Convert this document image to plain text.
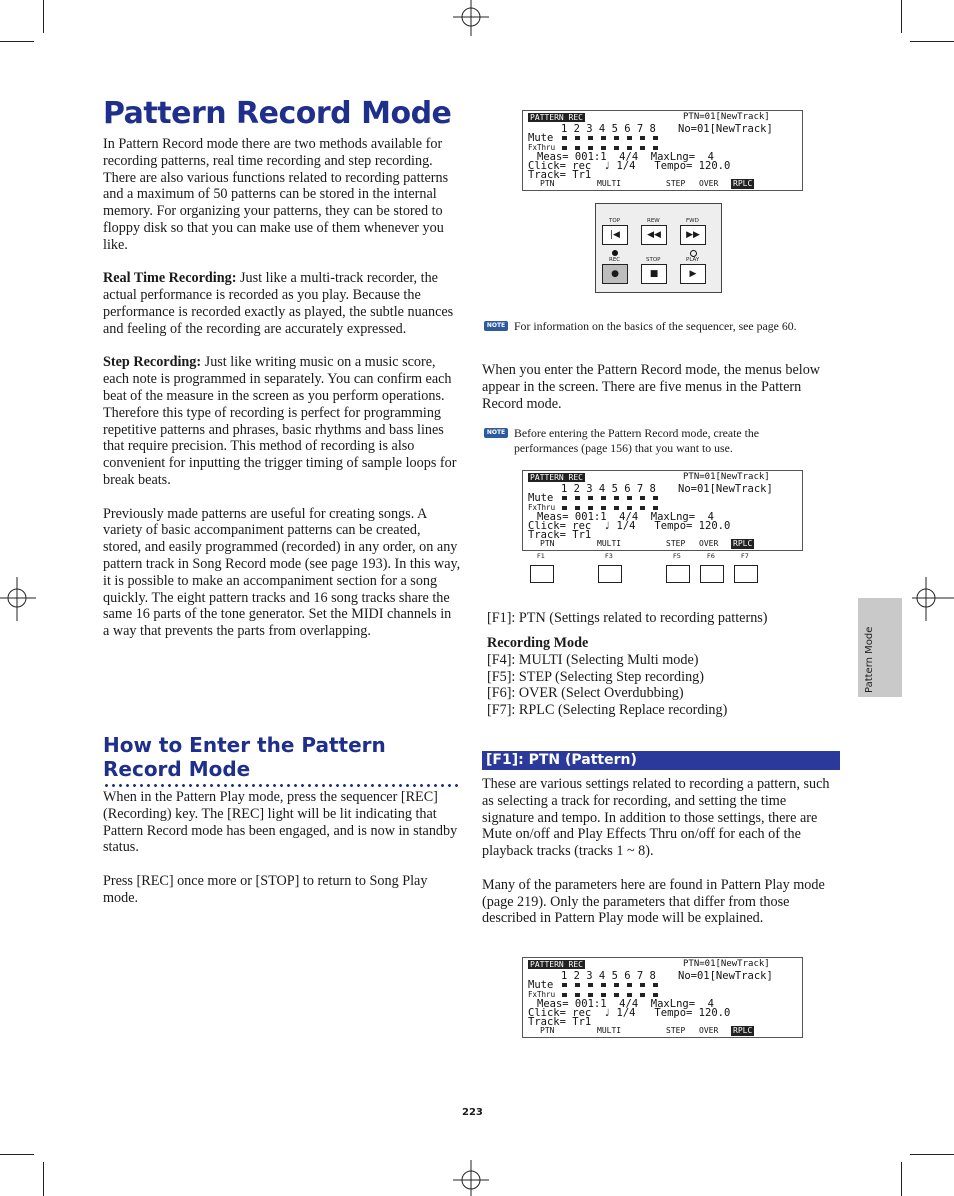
Pattern Record Mode

In Pattern Record mode there are two methods available for recording patterns, real time recording and step recording. There are also various functions related to recording patterns and a maximum of 50 patterns can be stored in the internal memory. For organizing your patterns, they can be stored to floppy disk so that you can make use of them whenever you like.

Real Time Recording: Just like a multi-track recorder, the actual performance is recorded as you play. Because the performance is recorded exactly as played, the subtle nuances and feeling of the recording are accurately expressed.

Step Recording: Just like writing music on a music score, each note is programmed in separately. You can confirm each beat of the measure in the screen as you perform operations. Therefore this type of recording is perfect for programming repetitive patterns and phrases, basic rhythms and bass lines that require precision. This method of recording is also convenient for inputting the trigger timing of sample loops for break beats.

Previously made patterns are useful for creating songs. A variety of basic accompaniment patterns can be created, stored, and easily programmed (recorded) in any order, on any pattern track in Song Record mode (see page 193). In this way, it is possible to make an accompaniment section for a song quickly. The eight pattern tracks and 16 song tracks share the same 16 parts of the tone generator. Set the MIDI channels in a way that prevents the parts from overlapping.

How to Enter the Pattern Record Mode

When in the Pattern Play mode, press the sequencer [REC] (Recording) key. The [REC] light will be lit indicating that Pattern Record mode has been engaged, and is now in standby status.

Press [REC] once more or [STOP] to return to Song Play mode.

PATTERN REC	PTN=01[NewTrack]
1 2 3 4 5 6 7 8 No=01[NewTrack]
Mute
FxThru
Meas= 001:1  4/4  MaxLng=  4
Click= rec  ♩ 1/4   Tempo= 120.0
Track= Tr1
PTN	MULTI	STEP OVER RPLC
TOP	REW	FWD
|◀	◀◀	▶▶
REC	STOP	PLAY
●	■	▶
NOTE For information on the basics of the sequencer, see page 60.
When you enter the Pattern Record mode, the menus below appear in the screen. There are five menus in the Pattern Record mode.
NOTE Before entering the Pattern Record mode, create the performances (page 156) that you want to use.
PATTERN REC	PTN=01[NewTrack]
1 2 3 4 5 6 7 8 No=01[NewTrack]
Mute
FxThru
Meas= 001:1  4/4  MaxLng=  4
Click= rec  ♩ 1/4   Tempo= 120.0
Track= Tr1
PTN	MULTI	STEP OVER RPLC
F1	F3	F5	F6	F7
[F1]: PTN (Settings related to recording patterns)
Recording Mode
[F4]: MULTI (Selecting Multi mode)
[F5]: STEP (Selecting Step recording)
[F6]: OVER (Select Overdubbing)
[F7]: RPLC (Selecting Replace recording)
[F1]: PTN (Pattern)

These are various settings related to recording a pattern, such as selecting a track for recording, and setting the time signature and tempo. In addition to those settings, there are Mute on/off and Play Effects Thru on/off for each of the playback tracks (tracks 1 ~ 8).

Many of the parameters here are found in Pattern Play mode (page 219). Only the parameters that differ from those described in Pattern Play mode will be explained.

PATTERN REC	PTN=01[NewTrack]
1 2 3 4 5 6 7 8 No=01[NewTrack]
Mute
FxThru
Meas= 001:1  4/4  MaxLng=  4
Click= rec  ♩ 1/4   Tempo= 120.0
Track= Tr1
PTN	MULTI	STEP OVER RPLC
Pattern Mode
223
